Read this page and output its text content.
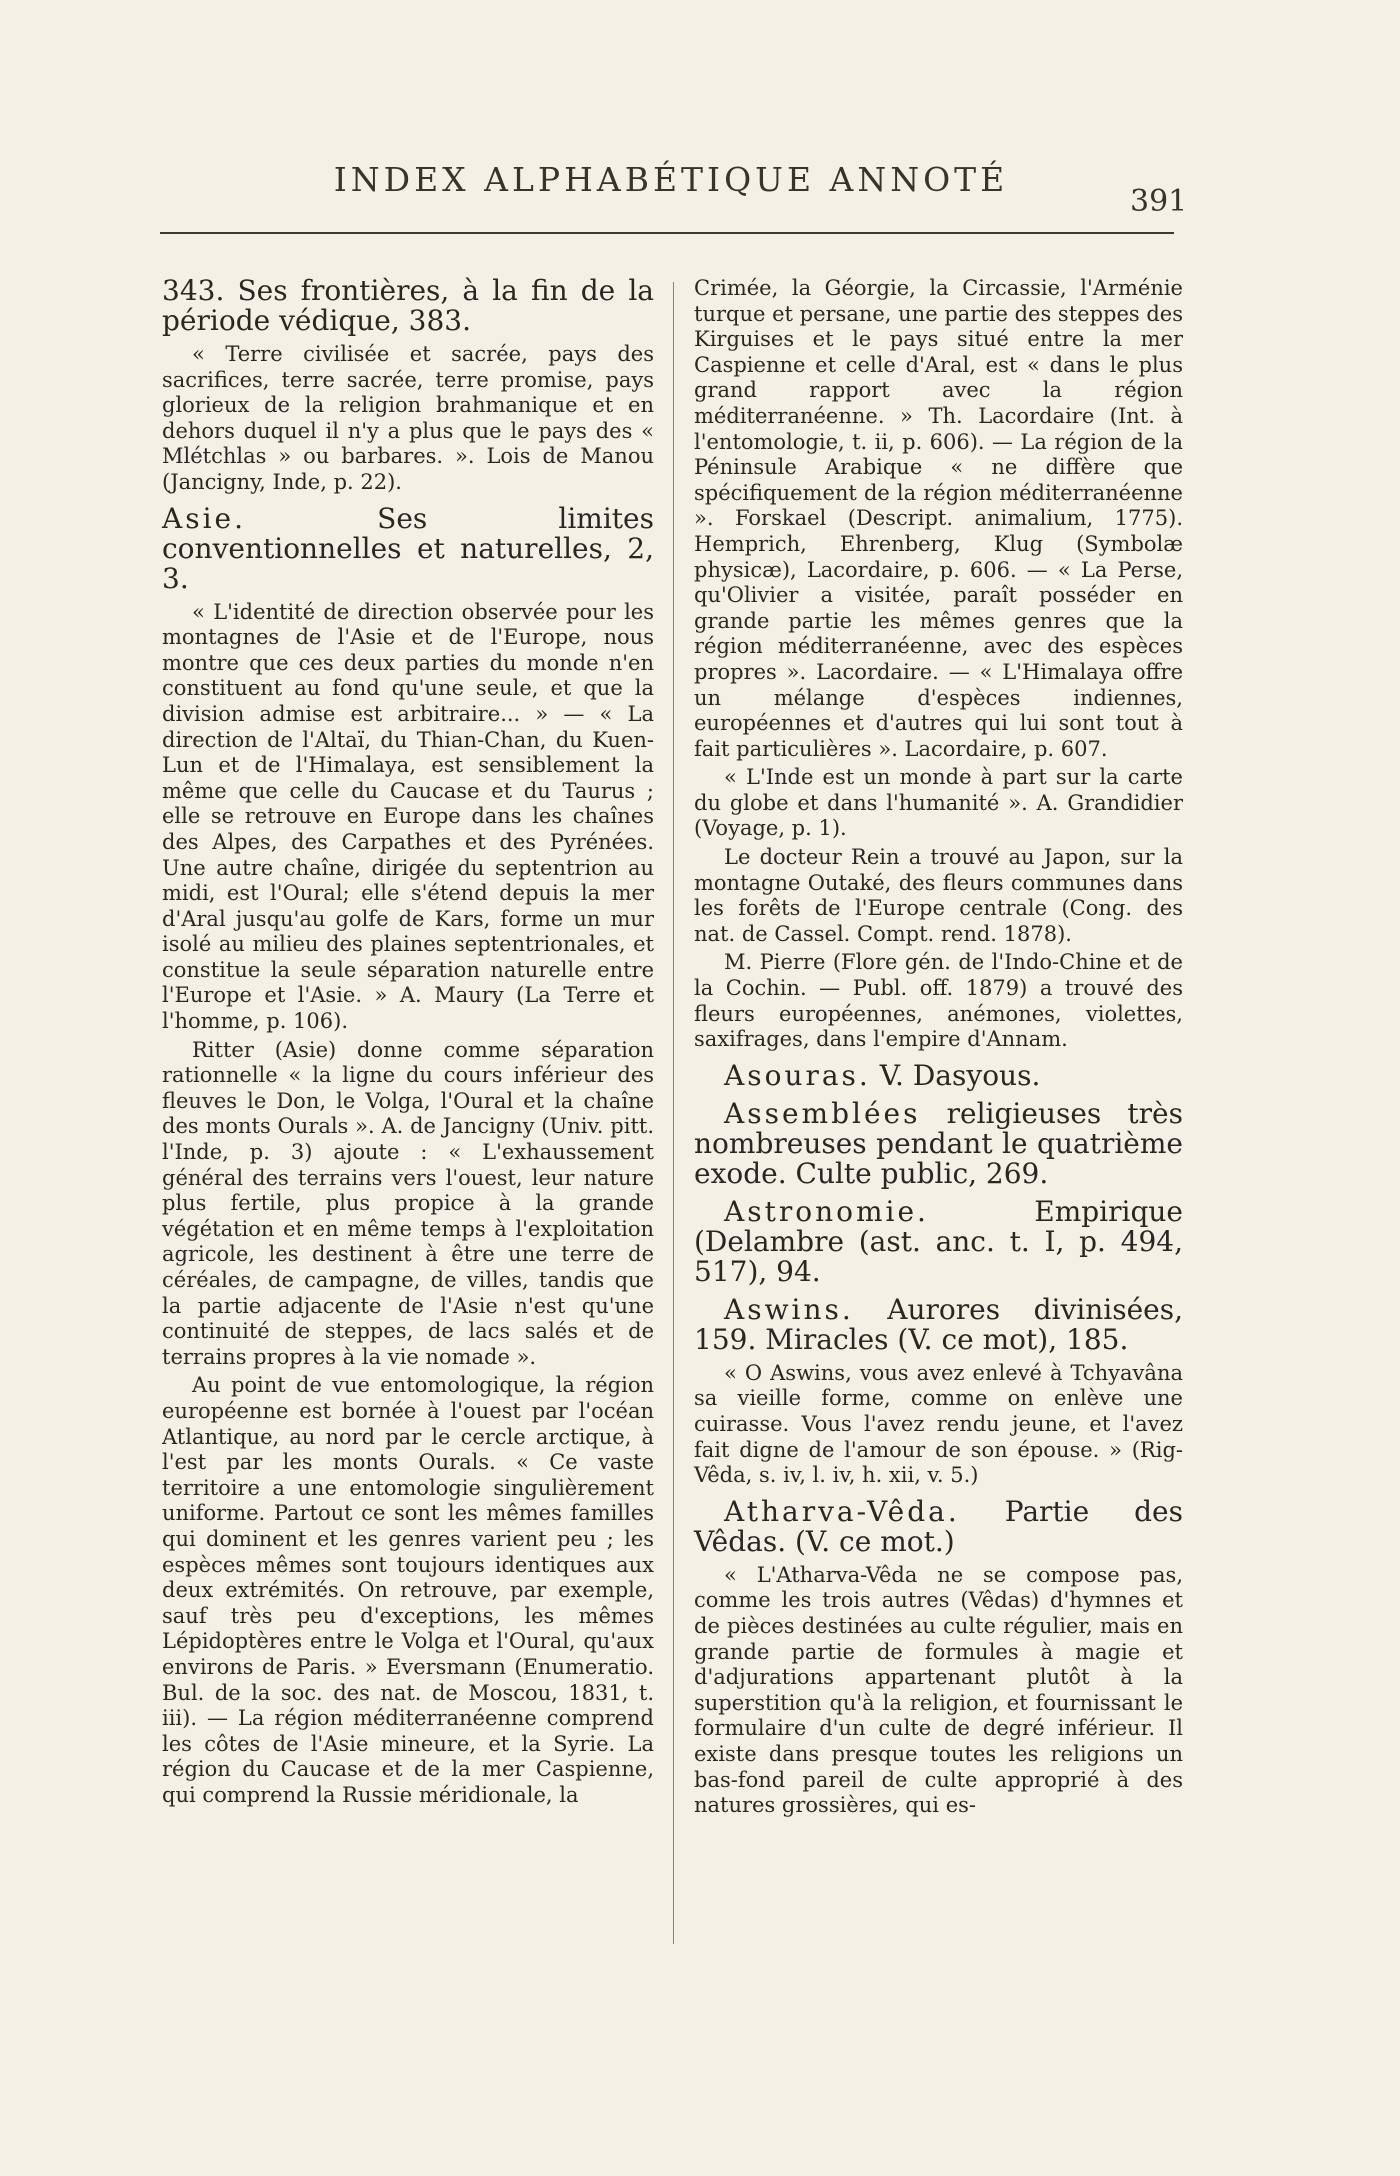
INDEX ALPHABÉTIQUE ANNOTÉ
391

343. Ses frontières, à la fin de la période védique, 383.

« Terre civilisée et sacrée, pays des sacrifices, terre sacrée, terre promise, pays glorieux de la religion brahmanique et en dehors duquel il n'y a plus que le pays des « Mlétchlas » ou barbares. ». Lois de Manou (Jancigny, Inde, p. 22).

Asie.	Ses limites conventionnelles et naturelles, 2, 3.

« L'identité de direction observée pour les montagnes de l'Asie et de l'Europe, nous montre que ces deux parties du monde n'en constituent au fond qu'une seule, et que la division admise est arbitraire... » — « La direction de l'Altaï, du Thian-Chan, du Kuen-Lun et de l'Himalaya, est sensiblement la même que celle du Caucase et du Taurus ; elle se retrouve en Europe dans les chaînes des Alpes, des Carpathes et des Pyrénées. Une autre chaîne, dirigée du septentrion au midi, est l'Oural; elle s'étend depuis la mer d'Aral jusqu'au golfe de Kars, forme un mur isolé au milieu des plaines septentrionales, et constitue la seule séparation naturelle entre l'Europe et l'Asie. » A. Maury (La Terre et l'homme, p. 106).

Ritter (Asie) donne comme séparation rationnelle « la ligne du cours inférieur des fleuves le Don, le Volga, l'Oural et la chaîne des monts Ourals ». A. de Jancigny (Univ. pitt. l'Inde, p. 3) ajoute : « L'exhaussement général des terrains vers l'ouest, leur nature plus fertile, plus propice à la grande végétation et en même temps à l'exploitation agricole, les destinent à être une terre de céréales, de campagne, de villes, tandis que la partie adjacente de l'Asie n'est qu'une continuité de steppes, de lacs salés et de terrains propres à la vie nomade ».

Au point de vue entomologique, la région européenne est bornée à l'ouest par l'océan Atlantique, au nord par le cercle arctique, à l'est par les monts Ourals. « Ce vaste territoire a une entomologie singulièrement uniforme. Partout ce sont les mêmes familles qui dominent et les genres varient peu ; les espèces mêmes sont toujours identiques aux deux extrémités. On retrouve, par exemple, sauf très peu d'exceptions, les mêmes Lépidoptères entre le Volga et l'Oural, qu'aux environs de Paris. » Eversmann (Enumeratio. Bul. de la soc. des nat. de Moscou, 1831, t. iii). — La région méditerranéenne comprend les côtes de l'Asie mineure, et la Syrie. La région du Caucase et de la mer Caspienne, qui comprend la Russie méridionale, la

Crimée, la Géorgie, la Circassie, l'Arménie turque et persane, une partie des steppes des Kirguises et le pays situé entre la mer Caspienne et celle d'Aral, est « dans le plus grand rapport avec la région méditerranéenne. » Th. Lacordaire (Int. à l'entomologie, t. ii, p. 606). — La région de la Péninsule Arabique « ne diffère que spécifiquement de la région méditerranéenne ». Forskael (Descript. animalium, 1775). Hemprich, Ehrenberg, Klug (Symbolæ physicæ), Lacordaire, p. 606. — « La Perse, qu'Olivier a visitée, paraît posséder en grande partie les mêmes genres que la région méditerranéenne, avec des espèces propres ». Lacordaire. — « L'Himalaya offre un mélange d'espèces indiennes, européennes et d'autres qui lui sont tout à fait particulières ». Lacordaire, p. 607.

« L'Inde est un monde à part sur la carte du globe et dans l'humanité ». A. Grandidier (Voyage, p. 1).

Le docteur Rein a trouvé au Japon, sur la montagne Outaké, des fleurs communes dans les forêts de l'Europe centrale (Cong. des nat. de Cassel. Compt. rend. 1878).

M. Pierre (Flore gén. de l'Indo-Chine et de la Cochin. — Publ. off. 1879) a trouvé des fleurs européennes, anémones, violettes, saxifrages, dans l'empire d'Annam.

Asouras. V. Dasyous.

Assemblées religieuses très nombreuses pendant le quatrième exode. Culte public, 269.

Astronomie.	Empirique (Delambre (ast. anc. t. I, p. 494, 517), 94.

Aswins. Aurores divinisées, 159. Miracles (V. ce mot), 185.

« O Aswins, vous avez enlevé à Tchyavâna sa vieille forme, comme on enlève une cuirasse. Vous l'avez rendu jeune, et l'avez fait digne de l'amour de son épouse. » (Rig-Vêda, s. iv, l. iv, h. xii, v. 5.)

Atharva-Vêda. Partie des Vêdas. (V. ce mot.)

« L'Atharva-Vêda ne se compose pas, comme les trois autres (Vêdas) d'hymnes et de pièces destinées au culte régulier, mais en grande partie de formules à magie et d'adjurations appartenant plutôt à la superstition qu'à la religion, et fournissant le formulaire d'un culte de degré inférieur. Il existe dans presque toutes les religions un bas-fond pareil de culte approprié à des natures grossières, qui es-
